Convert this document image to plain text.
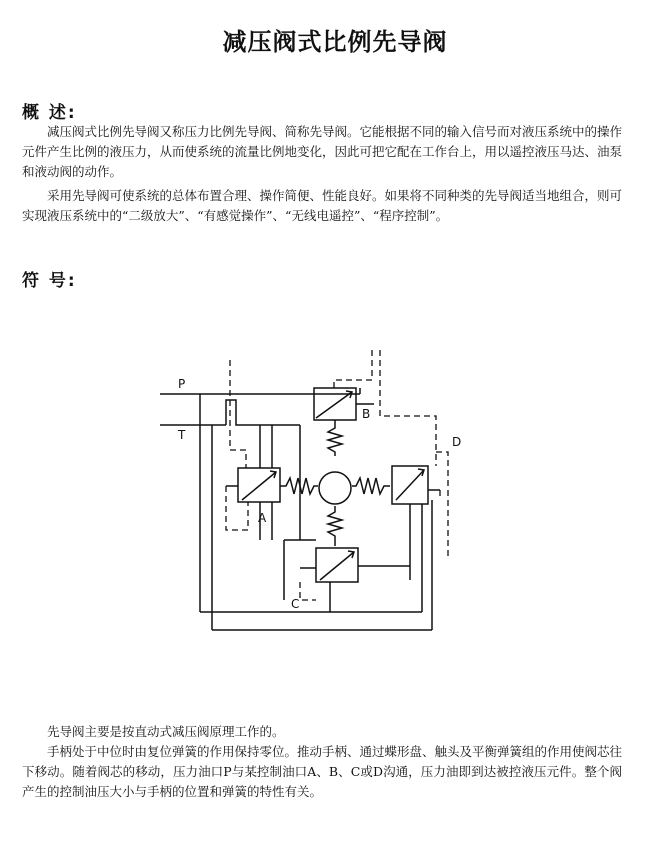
减压阀式比例先导阀
概 述:

减压阀式比例先导阀又称压力比例先导阀、简称先导阀。它能根据不同的输入信号而对液压系统中的操作元件产生比例的液压力，从而使系统的流量比例地变化，因此可把它配在工作台上，用以遥控液压马达、油泵和液动阀的动作。

采用先导阀可使系统的总体布置合理、操作简便、性能良好。如果将不同种类的先导阀适当地组合，则可实现液压系统中的“二级放大”、“有感觉操作”、“无线电遥控”、“程序控制”。

符 号:
P
T
A
B
C
D

先导阀主要是按直动式减压阀原理工作的。

手柄处于中位时由复位弹簧的作用保持零位。推动手柄、通过蝶形盘、触头及平衡弹簧组的作用使阀芯往下移动。随着阀芯的移动，压力油口P与某控制油口A、B、C或D沟通，压力油即到达被控液压元件。整个阀产生的控制油压大小与手柄的位置和弹簧的特性有关。
